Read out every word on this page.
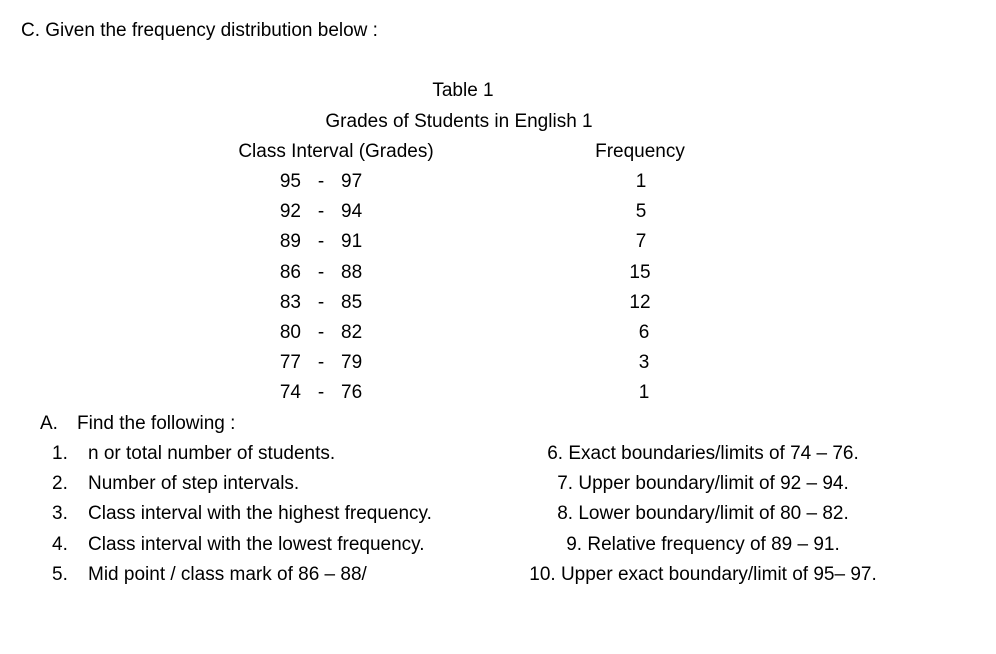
C. Given the frequency distribution below :
Table 1
Grades of Students in English 1
Class Interval (Grades)	Frequency
95 - 97	1
92 - 94	5
89 - 91	7
86 - 88	15
83 - 85	12
80 - 82	6
77 - 79	3
74 - 76	1
A. Find the following :
1. n or total number of students.
2. Number of step intervals.
3. Class interval with the highest frequency.
4. Class interval with the lowest frequency.
5. Mid point / class mark of 86 – 88/
6. Exact boundaries/limits of 74 – 76.
7. Upper boundary/limit of 92 – 94.
8. Lower boundary/limit of 80 – 82.
9. Relative frequency of 89 – 91.
10. Upper exact boundary/limit of 95– 97.
